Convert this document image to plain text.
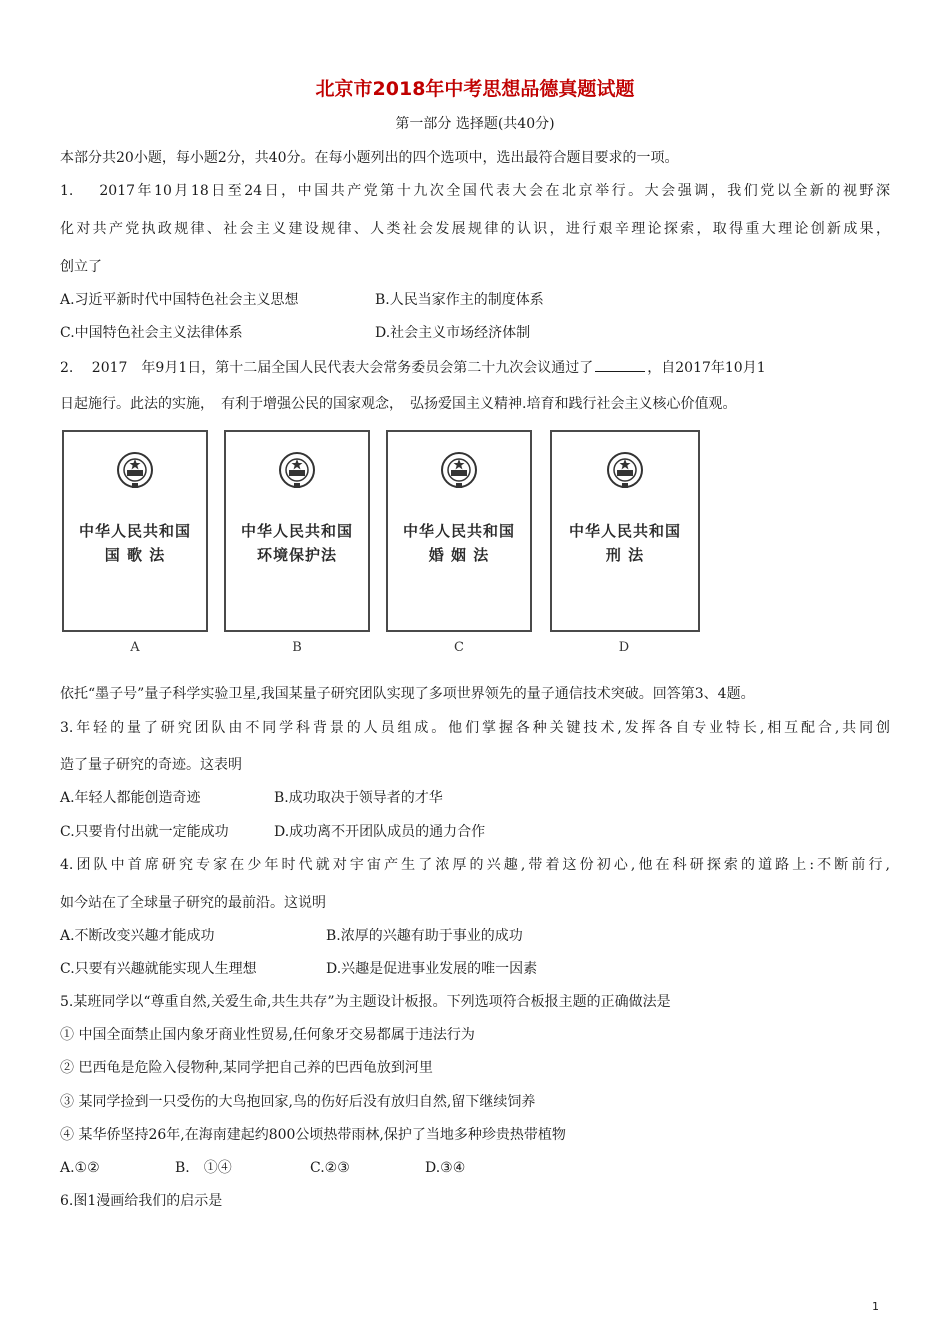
北京市2018年中考思想品德真题试题
第一部分 选择题(共40分)
本部分共20小题，每小题2分，共40分。在每小题列出的四个选项中，选出最符合题目要求的一项。
1.　 2017年10月18日至24日，中国共产党第十九次全国代表大会在北京举行。大会强调，我们党以全新的视野深
化对共产党执政规律、社会主义建设规律、人类社会发展规律的认识，进行艰辛理论探索，取得重大理论创新成果，
创立了
A.习近平新时代中国特色社会主义思想	B.人民当家作主的制度体系
C.中国特色社会主义法律体系	D.社会主义市场经济体制
2.　 2017　年9月1日，第十二届全国人民代表大会常务委员会第二十九次会议通过了	，自2017年10月1
日起施行。此法的实施，　有利于增强公民的国家观念，　弘扬爱国主义精神.培育和践行社会主义核心价值观。
中华人民共和国
国 歌 法
中华人民共和国
环境保护法
中华人民共和国
婚 姻 法
中华人民共和国
刑 法
A	B	C	D
依托“墨子号”量子科学实验卫星,我国某量子研究团队实现了多项世界领先的量子通信技术突破。回答第3、4题。
3.年轻的量了研究团队由不同学科背景的人员组成。他们掌握各种关键技术,发挥各自专业特长,相互配合,共同创
造了量子研究的奇迹。这表明
A.年轻人都能创造奇迹	B.成功取决于领导者的才华
C.只要肯付出就一定能成功	D.成功离不开团队成员的通力合作
4.团队中首席研究专家在少年时代就对宇宙产生了浓厚的兴趣,带着这份初心,他在科研探索的道路上:不断前行,
如今站在了全球量子研究的最前沿。这说明
A.不断改变兴趣才能成功	B.浓厚的兴趣有助于事业的成功
C.只要有兴趣就能实现人生理想	D.兴趣是促进事业发展的唯一因素
5.某班同学以“尊重自然,关爱生命,共生共存”为主题设计板报。下列选项符合板报主题的正确做法是
① 中国全面禁止国内象牙商业性贸易,任何象牙交易都属于违法行为
② 巴西龟是危险入侵物种,某同学把自己养的巴西龟放到河里
③ 某同学捡到一只受伤的大鸟抱回家,鸟的伤好后没有放归自然,留下继续饲养
④ 某华侨坚持26年,在海南建起约800公顷热带雨林,保护了当地多种珍贵热带植物
A.①②	B.　①④	C.②③	D.③④
6.图1漫画给我们的启示是
1
